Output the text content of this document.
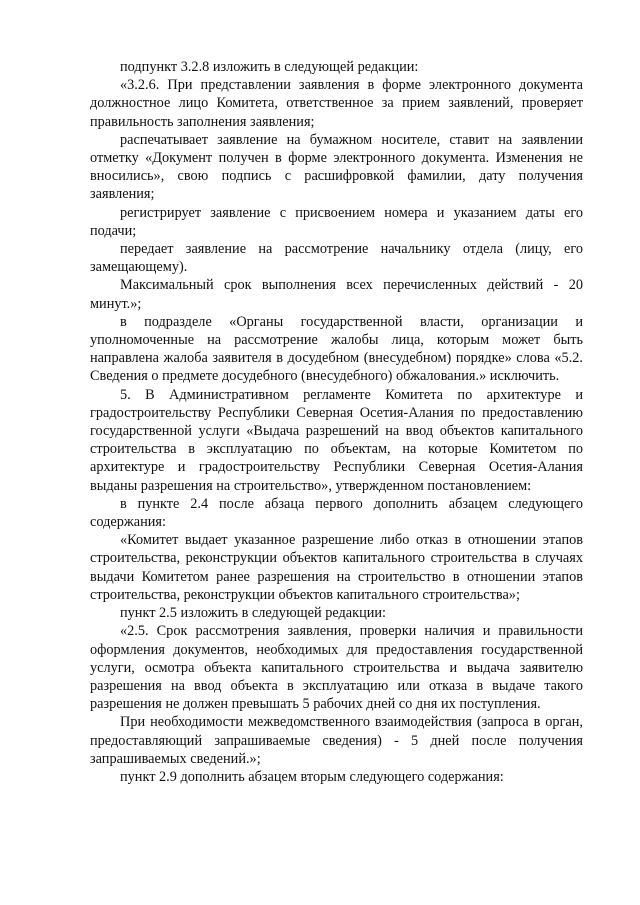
подпункт 3.2.8 изложить в следующей редакции:

«3.2.6. При представлении заявления в форме электронного документа должностное лицо Комитета, ответственное за прием заявлений, проверяет правильность заполнения заявления;

распечатывает заявление на бумажном носителе, ставит на заявлении отметку «Документ получен в форме электронного документа. Изменения не вносились», свою подпись с расшифровкой фамилии, дату получения заявления;

регистрирует заявление с присвоением номера и указанием даты его подачи;

передает заявление на рассмотрение начальнику отдела (лицу, его замещающему).

Максимальный срок выполнения всех перечисленных действий - 20 минут.»;

в подразделе «Органы государственной власти, организации и уполномоченные на рассмотрение жалобы лица, которым может быть направлена жалоба заявителя в досудебном (внесудебном) порядке» слова «5.2. Сведения о предмете досудебного (внесудебного) обжалования.» исключить.

5. В Административном регламенте Комитета по архитектуре и градостроительству Республики Северная Осетия-Алания по предоставлению государственной услуги «Выдача разрешений на ввод объектов капитального строительства в эксплуатацию по объектам, на которые Комитетом по архитектуре и градостроительству Республики Северная Осетия-Алания выданы разрешения на строительство», утвержденном постановлением:

в пункте 2.4 после абзаца первого дополнить абзацем следующего содержания:

«Комитет выдает указанное разрешение либо отказ в отношении этапов строительства, реконструкции объектов капитального строительства в случаях выдачи Комитетом ранее разрешения на строительство в отношении этапов строительства, реконструкции объектов капитального строительства»;

пункт 2.5 изложить в следующей редакции:

«2.5. Срок рассмотрения заявления, проверки наличия и правильности оформления документов, необходимых для предоставления государственной услуги, осмотра объекта капитального строительства и выдача заявителю разрешения на ввод объекта в эксплуатацию или отказа в выдаче такого разрешения не должен превышать 5 рабочих дней со дня их поступления.

При необходимости межведомственного взаимодействия (запроса в орган, предоставляющий запрашиваемые сведения) - 5 дней после получения запрашиваемых сведений.»;

пункт 2.9 дополнить абзацем вторым следующего содержания:
